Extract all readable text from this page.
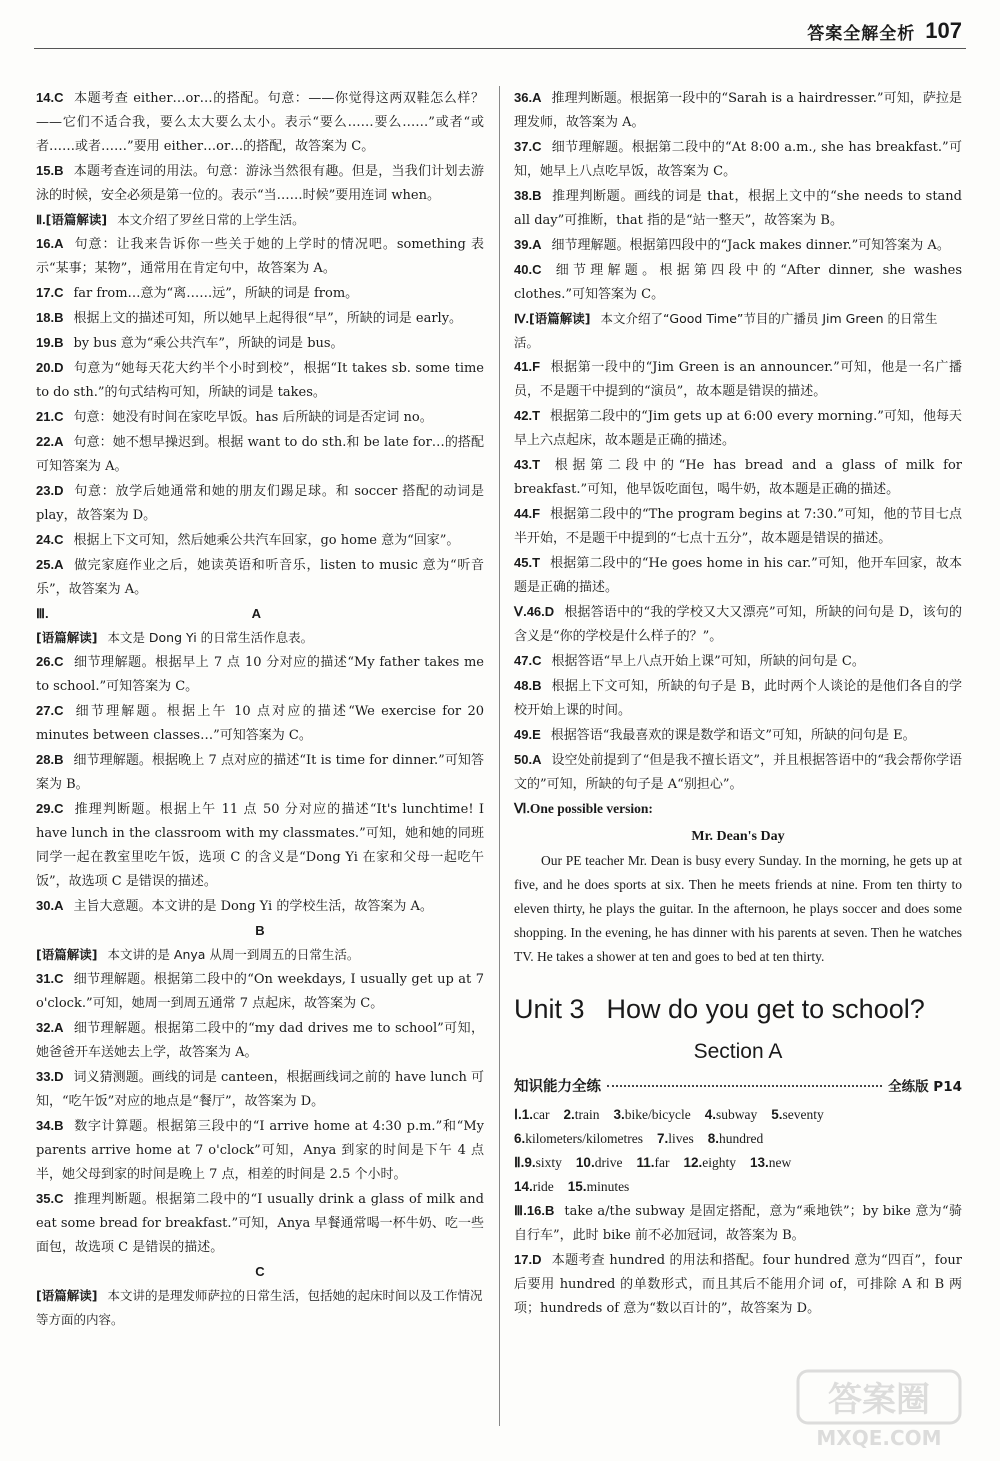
答案全解全析 107
14.C 本题考查 either…or…的搭配。句意：——你觉得这两双鞋怎么样？——它们不适合我，要么太大要么太小。表示“要么……要么……”或者“或者……或者……”要用 either…or…的搭配，故答案为 C。
15.B 本题考查连词的用法。句意：游泳当然很有趣。但是，当我们计划去游泳的时候，安全必须是第一位的。表示“当……时候”要用连词 when。
Ⅱ.[语篇解读] 本文介绍了罗丝日常的上学生活。
16.A 句意：让我来告诉你一些关于她的上学时的情况吧。something 表示“某事；某物”，通常用在肯定句中，故答案为 A。
17.C far from…意为“离……远”，所缺的词是 from。
18.B 根据上文的描述可知，所以她早上起得很“早”，所缺的词是 early。
19.B by bus 意为“乘公共汽车”，所缺的词是 bus。
20.D 句意为“她每天花大约半个小时到校”，根据“It takes sb. some time to do sth.”的句式结构可知，所缺的词是 takes。
21.C 句意：她没有时间在家吃早饭。has 后所缺的词是否定词 no。
22.A 句意：她不想早操迟到。根据 want to do sth.和 be late for…的搭配可知答案为 A。
23.D 句意：放学后她通常和她的朋友们踢足球。和 soccer 搭配的动词是 play，故答案为 D。
24.C 根据上下文可知，然后她乘公共汽车回家，go home 意为“回家”。
25.A 做完家庭作业之后，她读英语和听音乐，listen to music 意为“听音乐”，故答案为 A。
Ⅲ.	A
[语篇解读] 本文是 Dong Yi 的日常生活作息表。
26.C 细节理解题。根据早上 7 点 10 分对应的描述“My father takes me to school.”可知答案为 C。
27.C 细节理解题。根据上午 10 点对应的描述“We exercise for 20 minutes between classes…”可知答案为 C。
28.B 细节理解题。根据晚上 7 点对应的描述“It is time for dinner.”可知答案为 B。
29.C 推理判断题。根据上午 11 点 50 分对应的描述“It's lunchtime! I have lunch in the classroom with my classmates.”可知，她和她的同班同学一起在教室里吃午饭，选项 C 的含义是“Dong Yi 在家和父母一起吃午饭”，故选项 C 是错误的描述。
30.A 主旨大意题。本文讲的是 Dong Yi 的学校生活，故答案为 A。
B
[语篇解读] 本文讲的是 Anya 从周一到周五的日常生活。
31.C 细节理解题。根据第二段中的“On weekdays, I usually get up at 7 o'clock.”可知，她周一到周五通常 7 点起床，故答案为 C。
32.A 细节理解题。根据第二段中的“my dad drives me to school”可知，她爸爸开车送她去上学，故答案为 A。
33.D 词义猜测题。画线的词是 canteen，根据画线词之前的 have lunch 可知，“吃午饭”对应的地点是“餐厅”，故答案为 D。
34.B 数字计算题。根据第三段中的“I arrive home at 4:30 p.m.”和“My parents arrive home at 7 o'clock”可知，Anya 到家的时间是下午 4 点半，她父母到家的时间是晚上 7 点，相差的时间是 2.5 个小时。
35.C 推理判断题。根据第二段中的“I usually drink a glass of milk and eat some bread for breakfast.”可知，Anya 早餐通常喝一杯牛奶、吃一些面包，故选项 C 是错误的描述。
C
[语篇解读] 本文讲的是理发师萨拉的日常生活，包括她的起床时间以及工作情况等方面的内容。
36.A 推理判断题。根据第一段中的“Sarah is a hairdresser.”可知，萨拉是理发师，故答案为 A。
37.C 细节理解题。根据第二段中的“At 8:00 a.m., she has breakfast.”可知，她早上八点吃早饭，故答案为 C。
38.B 推理判断题。画线的词是 that，根据上文中的“she needs to stand all day”可推断，that 指的是“站一整天”，故答案为 B。
39.A 细节理解题。根据第四段中的“Jack makes dinner.”可知答案为 A。
40.C 细节理解题。根据第四段中的“After dinner, she washes clothes.”可知答案为 C。
Ⅳ.[语篇解读] 本文介绍了“Good Time”节目的广播员 Jim Green 的日常生活。
41.F 根据第一段中的“Jim Green is an announcer.”可知，他是一名广播员，不是题干中提到的“演员”，故本题是错误的描述。
42.T 根据第二段中的“Jim gets up at 6:00 every morning.”可知，他每天早上六点起床，故本题是正确的描述。
43.T 根据第二段中的“He has bread and a glass of milk for breakfast.”可知，他早饭吃面包，喝牛奶，故本题是正确的描述。
44.F 根据第二段中的“The program begins at 7:30.”可知，他的节目七点半开始，不是题干中提到的“七点十五分”，故本题是错误的描述。
45.T 根据第二段中的“He goes home in his car.”可知，他开车回家，故本题是正确的描述。
Ⅴ.46.D 根据答语中的“我的学校又大又漂亮”可知，所缺的问句是 D，该句的含义是“你的学校是什么样子的？”。
47.C 根据答语“早上八点开始上课”可知，所缺的问句是 C。
48.B 根据上下文可知，所缺的句子是 B，此时两个人谈论的是他们各自的学校开始上课的时间。
49.E 根据答语“我最喜欢的课是数学和语文”可知，所缺的问句是 E。
50.A 设空处前提到了“但是我不擅长语文”，并且根据答语中的“我会帮你学语文的”可知，所缺的句子是 A“别担心”。
Ⅵ.One possible version:
Mr. Dean's Day
Our PE teacher Mr. Dean is busy every Sunday. In the morning, he gets up at five, and he does sports at six. Then he meets friends at nine. From ten thirty to eleven thirty, he plays the guitar. In the afternoon, he plays soccer and does some shopping. In the evening, he has dinner with his parents at seven. Then he watches TV. He takes a shower at ten and goes to bed at ten thirty.
Unit 3 How do you get to school?
Section A
知识能力全练	全练版 P14
Ⅰ.1.car 2.train 3.bike/bicycle 4.subway 5.seventy
6.kilometers/kilometres 7.lives 8.hundred
Ⅱ.9.sixty 10.drive 11.far 12.eighty 13.new
14.ride 15.minutes
Ⅲ.16.B take a/the subway 是固定搭配，意为“乘地铁”；by bike 意为“骑自行车”，此时 bike 前不必加冠词，故答案为 B。
17.D 本题考查 hundred 的用法和搭配。four hundred 意为“四百”，four 后要用 hundred 的单数形式，而且其后不能用介词 of，可排除 A 和 B 两项；hundreds of 意为“数以百计的”，故答案为 D。
答案圈
MXQE.COM
